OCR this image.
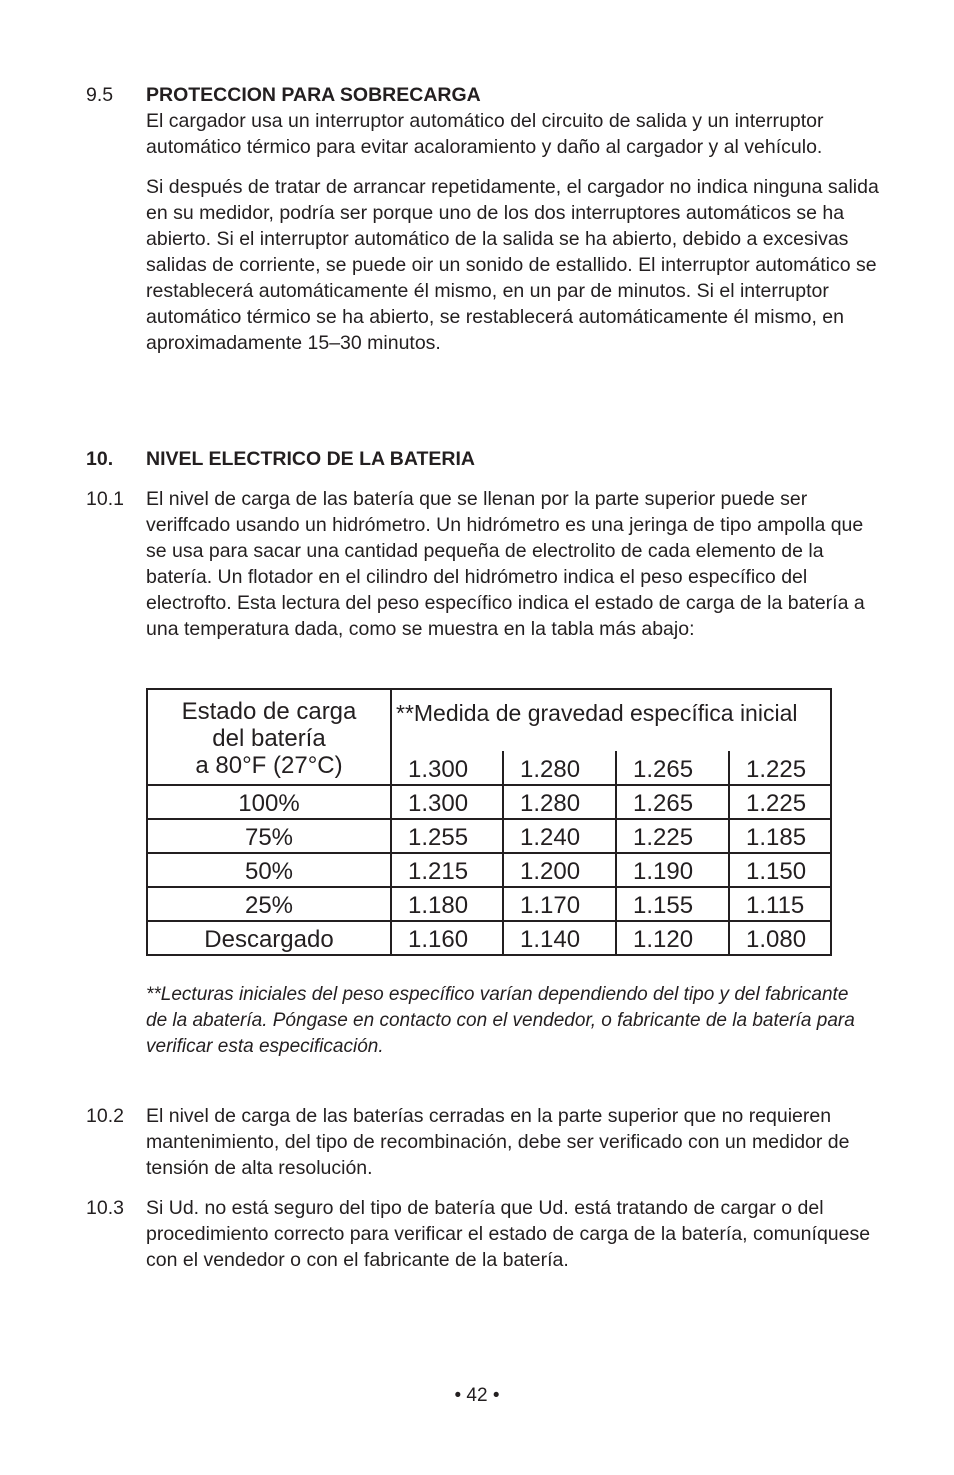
9.5	PROTECCION PARA SOBRECARGA

El cargador usa un interruptor automático del circuito de salida y un interruptor automático térmico para evitar acaloramiento y daño al cargador y al vehículo.

Si después de tratar de arrancar repetidamente, el cargador no indica ninguna salida en su medidor, podría ser porque uno de los dos interruptores automáticos se ha abierto. Si el interruptor automático de la salida se ha abierto, debido a excesivas salidas de corriente, se puede oir un sonido de estallido. El interruptor automático se restablecerá automáticamente él mismo, en un par de minutos. Si el interruptor automático térmico se ha abierto, se restablecerá automáticamente él mismo, en aproximadamente 15–30 minutos.

10.	NIVEL ELECTRICO DE LA BATERIA

10.1	El nivel de carga de las batería que se llenan por la parte superior puede ser veriffcado usando un hidrómetro. Un hidrómetro es una jeringa de tipo ampolla que se usa para sacar una cantidad pequeña de electrolito de cada elemento de la batería. Un flotador en el cilindro del hidrómetro indica el peso específico del electrofto. Esta lectura del peso específico indica el estado de carga de la batería a una temperatura dada, como se muestra en la tabla más abajo:

Estado de carga
del batería
a 80°F (27°C)	**Medida de gravedad específica inicial			
	1.300	1.280	1.265	1.225
100%	1.300	1.280	1.265	1.225
75%	1.255	1.240	1.225	1.185
50%	1.215	1.200	1.190	1.150
25%	1.180	1.170	1.155	1.115
Descargado	1.160	1.140	1.120	1.080

**Lecturas iniciales del peso específico varían dependiendo del tipo y del fabricante de la abatería. Póngase en contacto con el vendedor, o fabricante de la batería para verificar esta especificación.

10.2	El nivel de carga de las baterías cerradas en la parte superior que no requieren mantenimiento, del tipo de recombinación, debe ser verificado con un medidor de tensión de alta resolución.

10.3	Si Ud. no está seguro del tipo de batería que Ud. está tratando de cargar o del procedimiento correcto para verificar el estado de carga de la batería, comuníquese con el vendedor o con el fabricante de la batería.

• 42 •
